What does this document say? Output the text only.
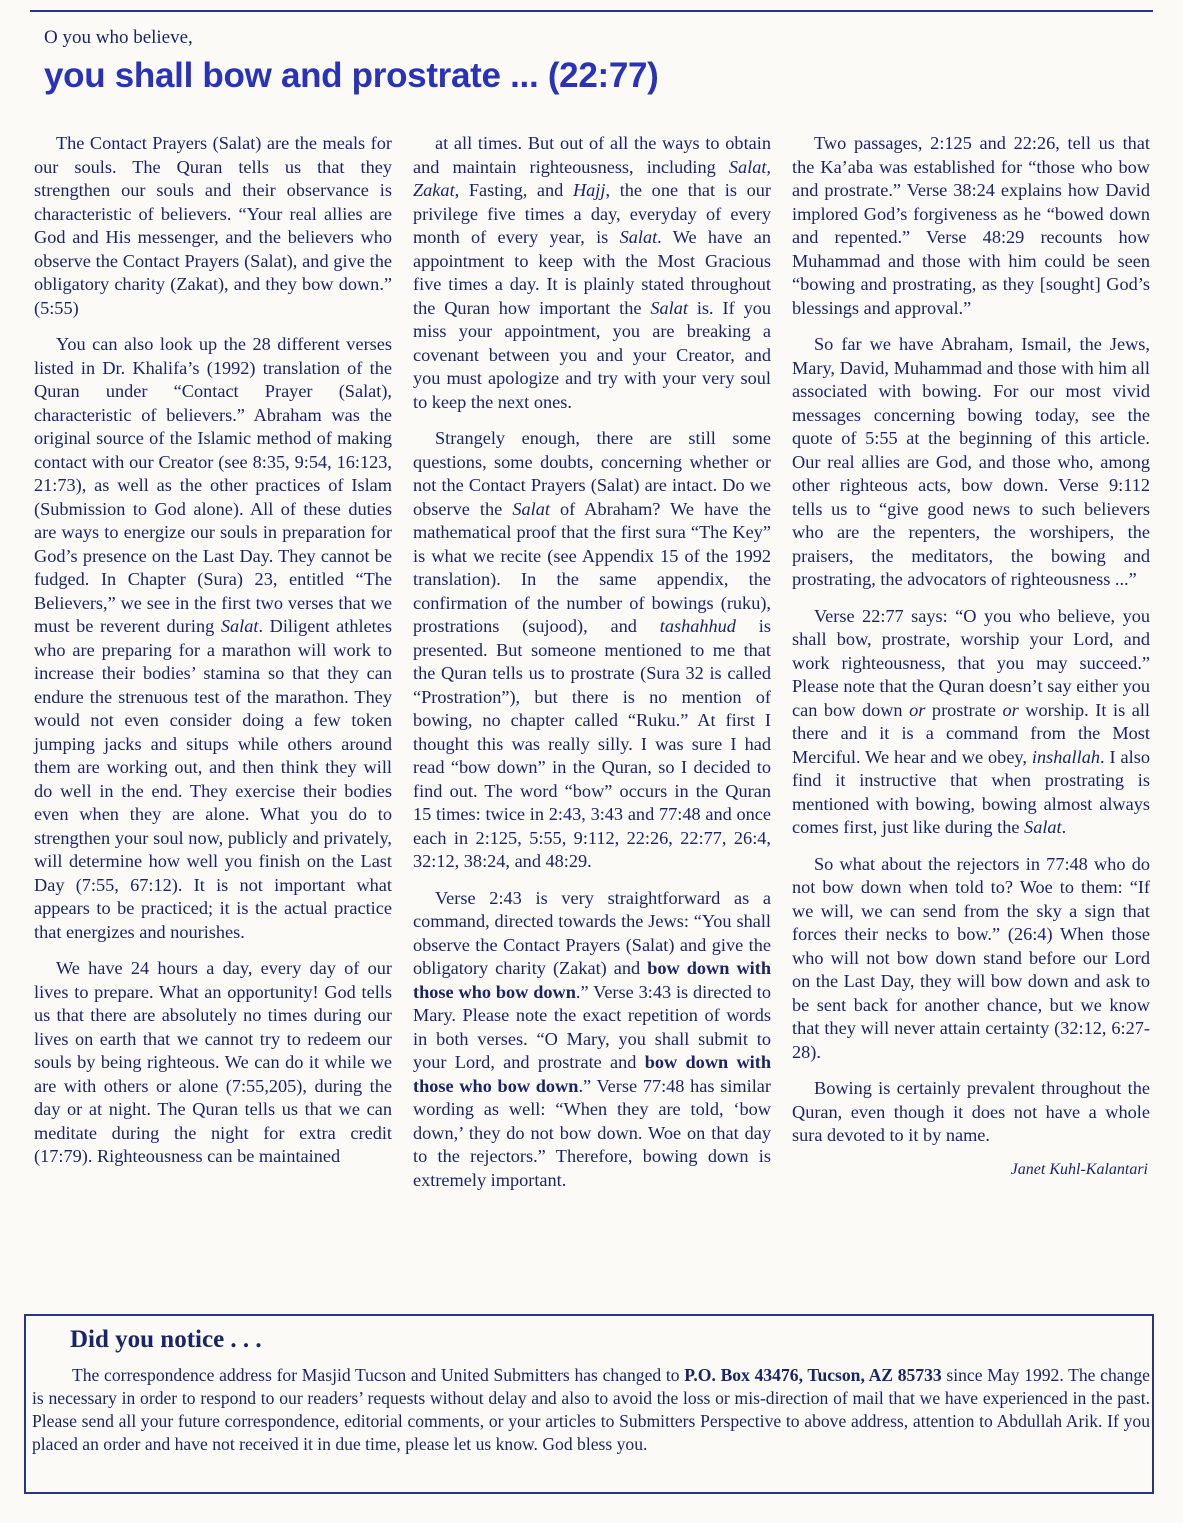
O you who believe,
you shall bow and prostrate ... (22:77)

The Contact Prayers (Salat) are the meals for our souls. The Quran tells us that they strengthen our souls and their observance is characteristic of believers. “Your real allies are God and His messenger, and the believers who observe the Contact Prayers (Salat), and give the obligatory charity (Zakat), and they bow down.” (5:55)

You can also look up the 28 different verses listed in Dr. Khalifa’s (1992) translation of the Quran under “Contact Prayer (Salat), characteristic of believers.” Abraham was the original source of the Islamic method of making contact with our Creator (see 8:35, 9:54, 16:123, 21:73), as well as the other practices of Islam (Submission to God alone). All of these duties are ways to energize our souls in preparation for God’s presence on the Last Day. They cannot be fudged. In Chapter (Sura) 23, entitled “The Believers,” we see in the first two verses that we must be reverent during Salat. Diligent athletes who are preparing for a marathon will work to increase their bodies’ stamina so that they can endure the strenuous test of the marathon. They would not even consider doing a few token jumping jacks and situps while others around them are working out, and then think they will do well in the end. They exercise their bodies even when they are alone. What you do to strengthen your soul now, publicly and privately, will determine how well you finish on the Last Day (7:55, 67:12). It is not important what appears to be practiced; it is the actual practice that energizes and nourishes.

We have 24 hours a day, every day of our lives to prepare. What an opportunity! God tells us that there are absolutely no times during our lives on earth that we cannot try to redeem our souls by being righteous. We can do it while we are with others or alone (7:55,205), during the day or at night. The Quran tells us that we can meditate during the night for extra credit (17:79). Righteousness can be maintained

at all times. But out of all the ways to obtain and maintain righteousness, including Salat, Zakat, Fasting, and Hajj, the one that is our privilege five times a day, everyday of every month of every year, is Salat. We have an appointment to keep with the Most Gracious five times a day. It is plainly stated throughout the Quran how important the Salat is. If you miss your appointment, you are breaking a covenant between you and your Creator, and you must apologize and try with your very soul to keep the next ones.

Strangely enough, there are still some questions, some doubts, concerning whether or not the Contact Prayers (Salat) are intact. Do we observe the Salat of Abraham? We have the mathematical proof that the first sura “The Key” is what we recite (see Appendix 15 of the 1992 translation). In the same appendix, the confirmation of the number of bowings (ruku), prostrations (sujood), and tashahhud is presented. But someone mentioned to me that the Quran tells us to prostrate (Sura 32 is called “Prostration”), but there is no mention of bowing, no chapter called “Ruku.” At first I thought this was really silly. I was sure I had read “bow down” in the Quran, so I decided to find out. The word “bow” occurs in the Quran 15 times: twice in 2:43, 3:43 and 77:48 and once each in 2:125, 5:55, 9:112, 22:26, 22:77, 26:4, 32:12, 38:24, and 48:29.

Verse 2:43 is very straightforward as a command, directed towards the Jews: “You shall observe the Contact Prayers (Salat) and give the obligatory charity (Zakat) and bow down with those who bow down.” Verse 3:43 is directed to Mary. Please note the exact repetition of words in both verses. “O Mary, you shall submit to your Lord, and prostrate and bow down with those who bow down.” Verse 77:48 has similar wording as well: “When they are told, ‘bow down,’ they do not bow down. Woe on that day to the rejectors.” Therefore, bowing down is extremely important.

Two passages, 2:125 and 22:26, tell us that the Ka’aba was established for “those who bow and prostrate.” Verse 38:24 explains how David implored God’s forgiveness as he “bowed down and repented.” Verse 48:29 recounts how Muhammad and those with him could be seen “bowing and prostrating, as they [sought] God’s blessings and approval.”

So far we have Abraham, Ismail, the Jews, Mary, David, Muhammad and those with him all associated with bowing. For our most vivid messages concerning bowing today, see the quote of 5:55 at the beginning of this article. Our real allies are God, and those who, among other righteous acts, bow down. Verse 9:112 tells us to “give good news to such believers who are the repenters, the worshipers, the praisers, the meditators, the bowing and prostrating, the advocators of righteousness ...”

Verse 22:77 says: “O you who believe, you shall bow, prostrate, worship your Lord, and work righteousness, that you may succeed.” Please note that the Quran doesn’t say either you can bow down or prostrate or worship. It is all there and it is a command from the Most Merciful. We hear and we obey, inshallah. I also find it instructive that when prostrating is mentioned with bowing, bowing almost always comes first, just like during the Salat.

So what about the rejectors in 77:48 who do not bow down when told to? Woe to them: “If we will, we can send from the sky a sign that forces their necks to bow.” (26:4) When those who will not bow down stand before our Lord on the Last Day, they will bow down and ask to be sent back for another chance, but we know that they will never attain certainty (32:12, 6:27-28).

Bowing is certainly prevalent throughout the Quran, even though it does not have a whole sura devoted to it by name.

Janet Kuhl-Kalantari
Did you notice . . .

The correspondence address for Masjid Tucson and United Submitters has changed to P.O. Box 43476, Tucson, AZ 85733 since May 1992. The change is necessary in order to respond to our readers’ requests without delay and also to avoid the loss or mis-direction of mail that we have experienced in the past. Please send all your future correspondence, editorial comments, or your articles to Submitters Perspective to above address, attention to Abdullah Arik. If you placed an order and have not received it in due time, please let us know. God bless you.
